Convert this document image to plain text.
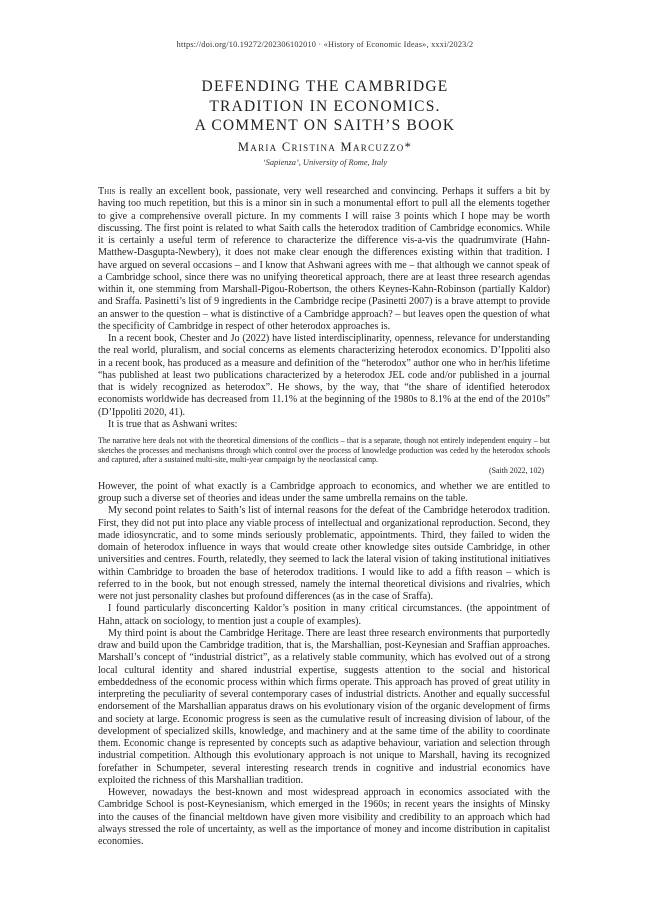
https://doi.org/10.19272/202306102010 · «History of Economic Ideas», xxxi/2023/2
DEFENDING THE CAMBRIDGE
TRADITION IN ECONOMICS.
A COMMENT ON SAITH’S BOOK
Maria Cristina Marcuzzo*
‘Sapienza’, University of Rome, Italy

This is really an excellent book, passionate, very well researched and convincing. Perhaps it suffers a bit by having too much repetition, but this is a minor sin in such a monumental effort to pull all the elements together to give a comprehensive overall picture. In my comments I will raise 3 points which I hope may be worth discussing. The first point is related to what Saith calls the heterodox tradition of Cambridge economics. While it is certainly a useful term of reference to characterize the difference vis-a-vis the quadrumvirate (Hahn-Matthew-Dasgupta-Newbery), it does not make clear enough the differences existing within that tradition. I have argued on several occasions – and I know that Ashwani agrees with me – that although we cannot speak of a Cambridge school, since there was no unifying theoretical approach, there are at least three research agendas within it, one stemming from Marshall-Pigou-Robertson, the others Keynes-Kahn-Robinson (partially Kaldor) and Sraffa. Pasinetti’s list of 9 ingredients in the Cambridge recipe (Pasinetti 2007) is a brave attempt to provide an answer to the question – what is distinctive of a Cambridge approach? – but leaves open the question of what the specificity of Cambridge in respect of other heterodox approaches is.

In a recent book, Chester and Jo (2022) have listed interdisciplinarity, openness, relevance for understanding the real world, pluralism, and social concerns as elements characterizing heterodox economics. D’Ippoliti also in a recent book, has produced as a measure and definition of the “heterodox” author one who in her/his lifetime “has published at least two publications characterized by a heterodox JEL code and/or published in a journal that is widely recognized as heterodox”. He shows, by the way, that “the share of identified heterodox economists worldwide has decreased from 11.1% at the beginning of the 1980s to 8.1% at the end of the 2010s” (D’Ippoliti 2020, 41).

It is true that as Ashwani writes:

The narrative here deals not with the theoretical dimensions of the conflicts – that is a separate, though not entirely independent enquiry – but sketches the processes and mechanisms through which control over the process of knowledge production was ceded by the heterodox schools and captured, after a sustained multi-site, multi-year campaign by the neoclassical camp.
(Saith 2022, 102)

However, the point of what exactly is a Cambridge approach to economics, and whether we are entitled to group such a diverse set of theories and ideas under the same umbrella remains on the table.

My second point relates to Saith’s list of internal reasons for the defeat of the Cambridge heterodox tradition. First, they did not put into place any viable process of intellectual and organizational reproduction. Second, they made idiosyncratic, and to some minds seriously problematic, appointments. Third, they failed to widen the domain of heterodox influence in ways that would create other knowledge sites outside Cambridge, in other universities and centres. Fourth, relatedly, they seemed to lack the lateral vision of taking institutional initiatives within Cambridge to broaden the base of heterodox traditions. I would like to add a fifth reason – which is referred to in the book, but not enough stressed, namely the internal theoretical divisions and rivalries, which were not just personality clashes but profound differences (as in the case of Sraffa).

I found particularly disconcerting Kaldor’s position in many critical circumstances. (the appointment of Hahn, attack on sociology, to mention just a couple of examples).

My third point is about the Cambridge Heritage. There are least three research environments that purportedly draw and build upon the Cambridge tradition, that is, the Marshallian, post-Keynesian and Sraffian approaches. Marshall’s concept of “industrial district”, as a relatively stable community, which has evolved out of a strong local cultural identity and shared industrial expertise, suggests attention to the social and historical embeddedness of the economic process within which firms operate. This approach has proved of great utility in interpreting the peculiarity of several contemporary cases of industrial districts. Another and equally successful endorsement of the Marshallian apparatus draws on his evolutionary vision of the organic development of firms and society at large. Economic progress is seen as the cumulative result of increasing division of labour, of the development of specialized skills, knowledge, and machinery and at the same time of the ability to coordinate them. Economic change is represented by concepts such as adaptive behaviour, variation and selection through industrial competition. Although this evolutionary approach is not unique to Marshall, having its recognized forefather in Schumpeter, several interesting research trends in cognitive and industrial economics have exploited the richness of this Marshallian tradition.

However, nowadays the best-known and most widespread approach in economics associated with the Cambridge School is post-Keynesianism, which emerged in the 1960s; in recent years the insights of Minsky into the causes of the financial meltdown have given more visibility and credibility to an approach which had always stressed the role of uncertainty, as well as the importance of money and income distribution in capitalist economies.
